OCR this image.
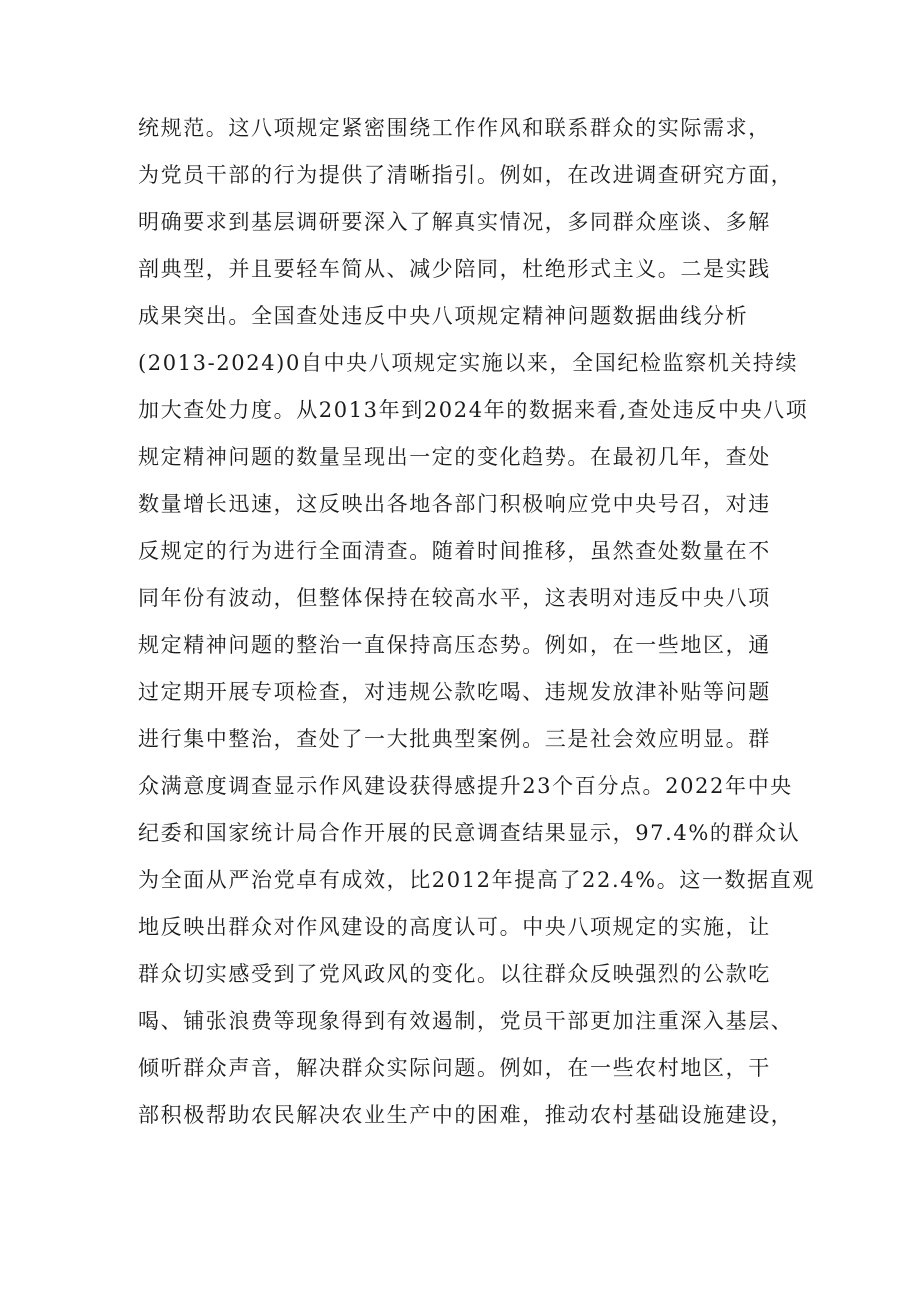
统规范。这八项规定紧密围绕工作作风和联系群众的实际需求，
为党员干部的行为提供了清晰指引。例如，在改进调查研究方面，
明确要求到基层调研要深入了解真实情况，多同群众座谈、多解
剖典型，并且要轻车简从、减少陪同，杜绝形式主义。二是实践
成果突出。全国查处违反中央八项规定精神问题数据曲线分析
(2013-2024)0自中央八项规定实施以来，全国纪检监察机关持续
加大查处力度。从2013年到2024年的数据来看,查处违反中央八项
规定精神问题的数量呈现出一定的变化趋势。在最初几年，查处
数量增长迅速，这反映出各地各部门积极响应党中央号召，对违
反规定的行为进行全面清查。随着时间推移，虽然查处数量在不
同年份有波动，但整体保持在较高水平，这表明对违反中央八项
规定精神问题的整治一直保持高压态势。例如，在一些地区，通
过定期开展专项检查，对违规公款吃喝、违规发放津补贴等问题
进行集中整治，查处了一大批典型案例。三是社会效应明显。群
众满意度调查显示作风建设获得感提升23个百分点。2022年中央
纪委和国家统计局合作开展的民意调查结果显示，97.4%的群众认
为全面从严治党卓有成效，比2012年提高了22.4%。这一数据直观
地反映出群众对作风建设的高度认可。中央八项规定的实施，让
群众切实感受到了党风政风的变化。以往群众反映强烈的公款吃
喝、铺张浪费等现象得到有效遏制，党员干部更加注重深入基层、
倾听群众声音，解决群众实际问题。例如，在一些农村地区，干
部积极帮助农民解决农业生产中的困难，推动农村基础设施建设，
